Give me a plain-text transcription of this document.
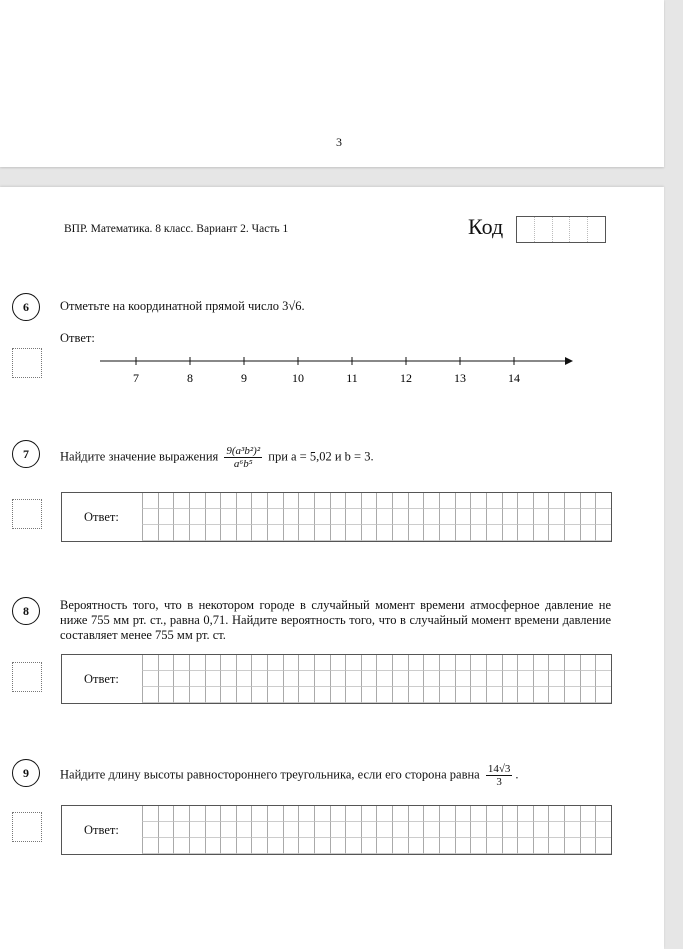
3
ВПР. Математика. 8 класс. Вариант 2. Часть 1	Код
6	Отметьте на координатной прямой число 3√6.
Ответ:
7	8	9	10	11	12	13	14
7	Найдите значение выражения $\frac{\text{9(a³b²)²}}{\text{a⁶b⁵}}$ при a = 5,02 и b = 3.
Ответ:
8	Вероятность того, что в некотором городе в случайный момент времени атмосферное давление не ниже 755 мм рт. ст., равна 0,71. Найдите вероятность того, что в случайный момент времени давление составляет менее 755 мм рт. ст.
Ответ:
9	Найдите длину высоты равностороннего треугольника, если его сторона равна $\frac{14√3}{3}$ .
Ответ:
